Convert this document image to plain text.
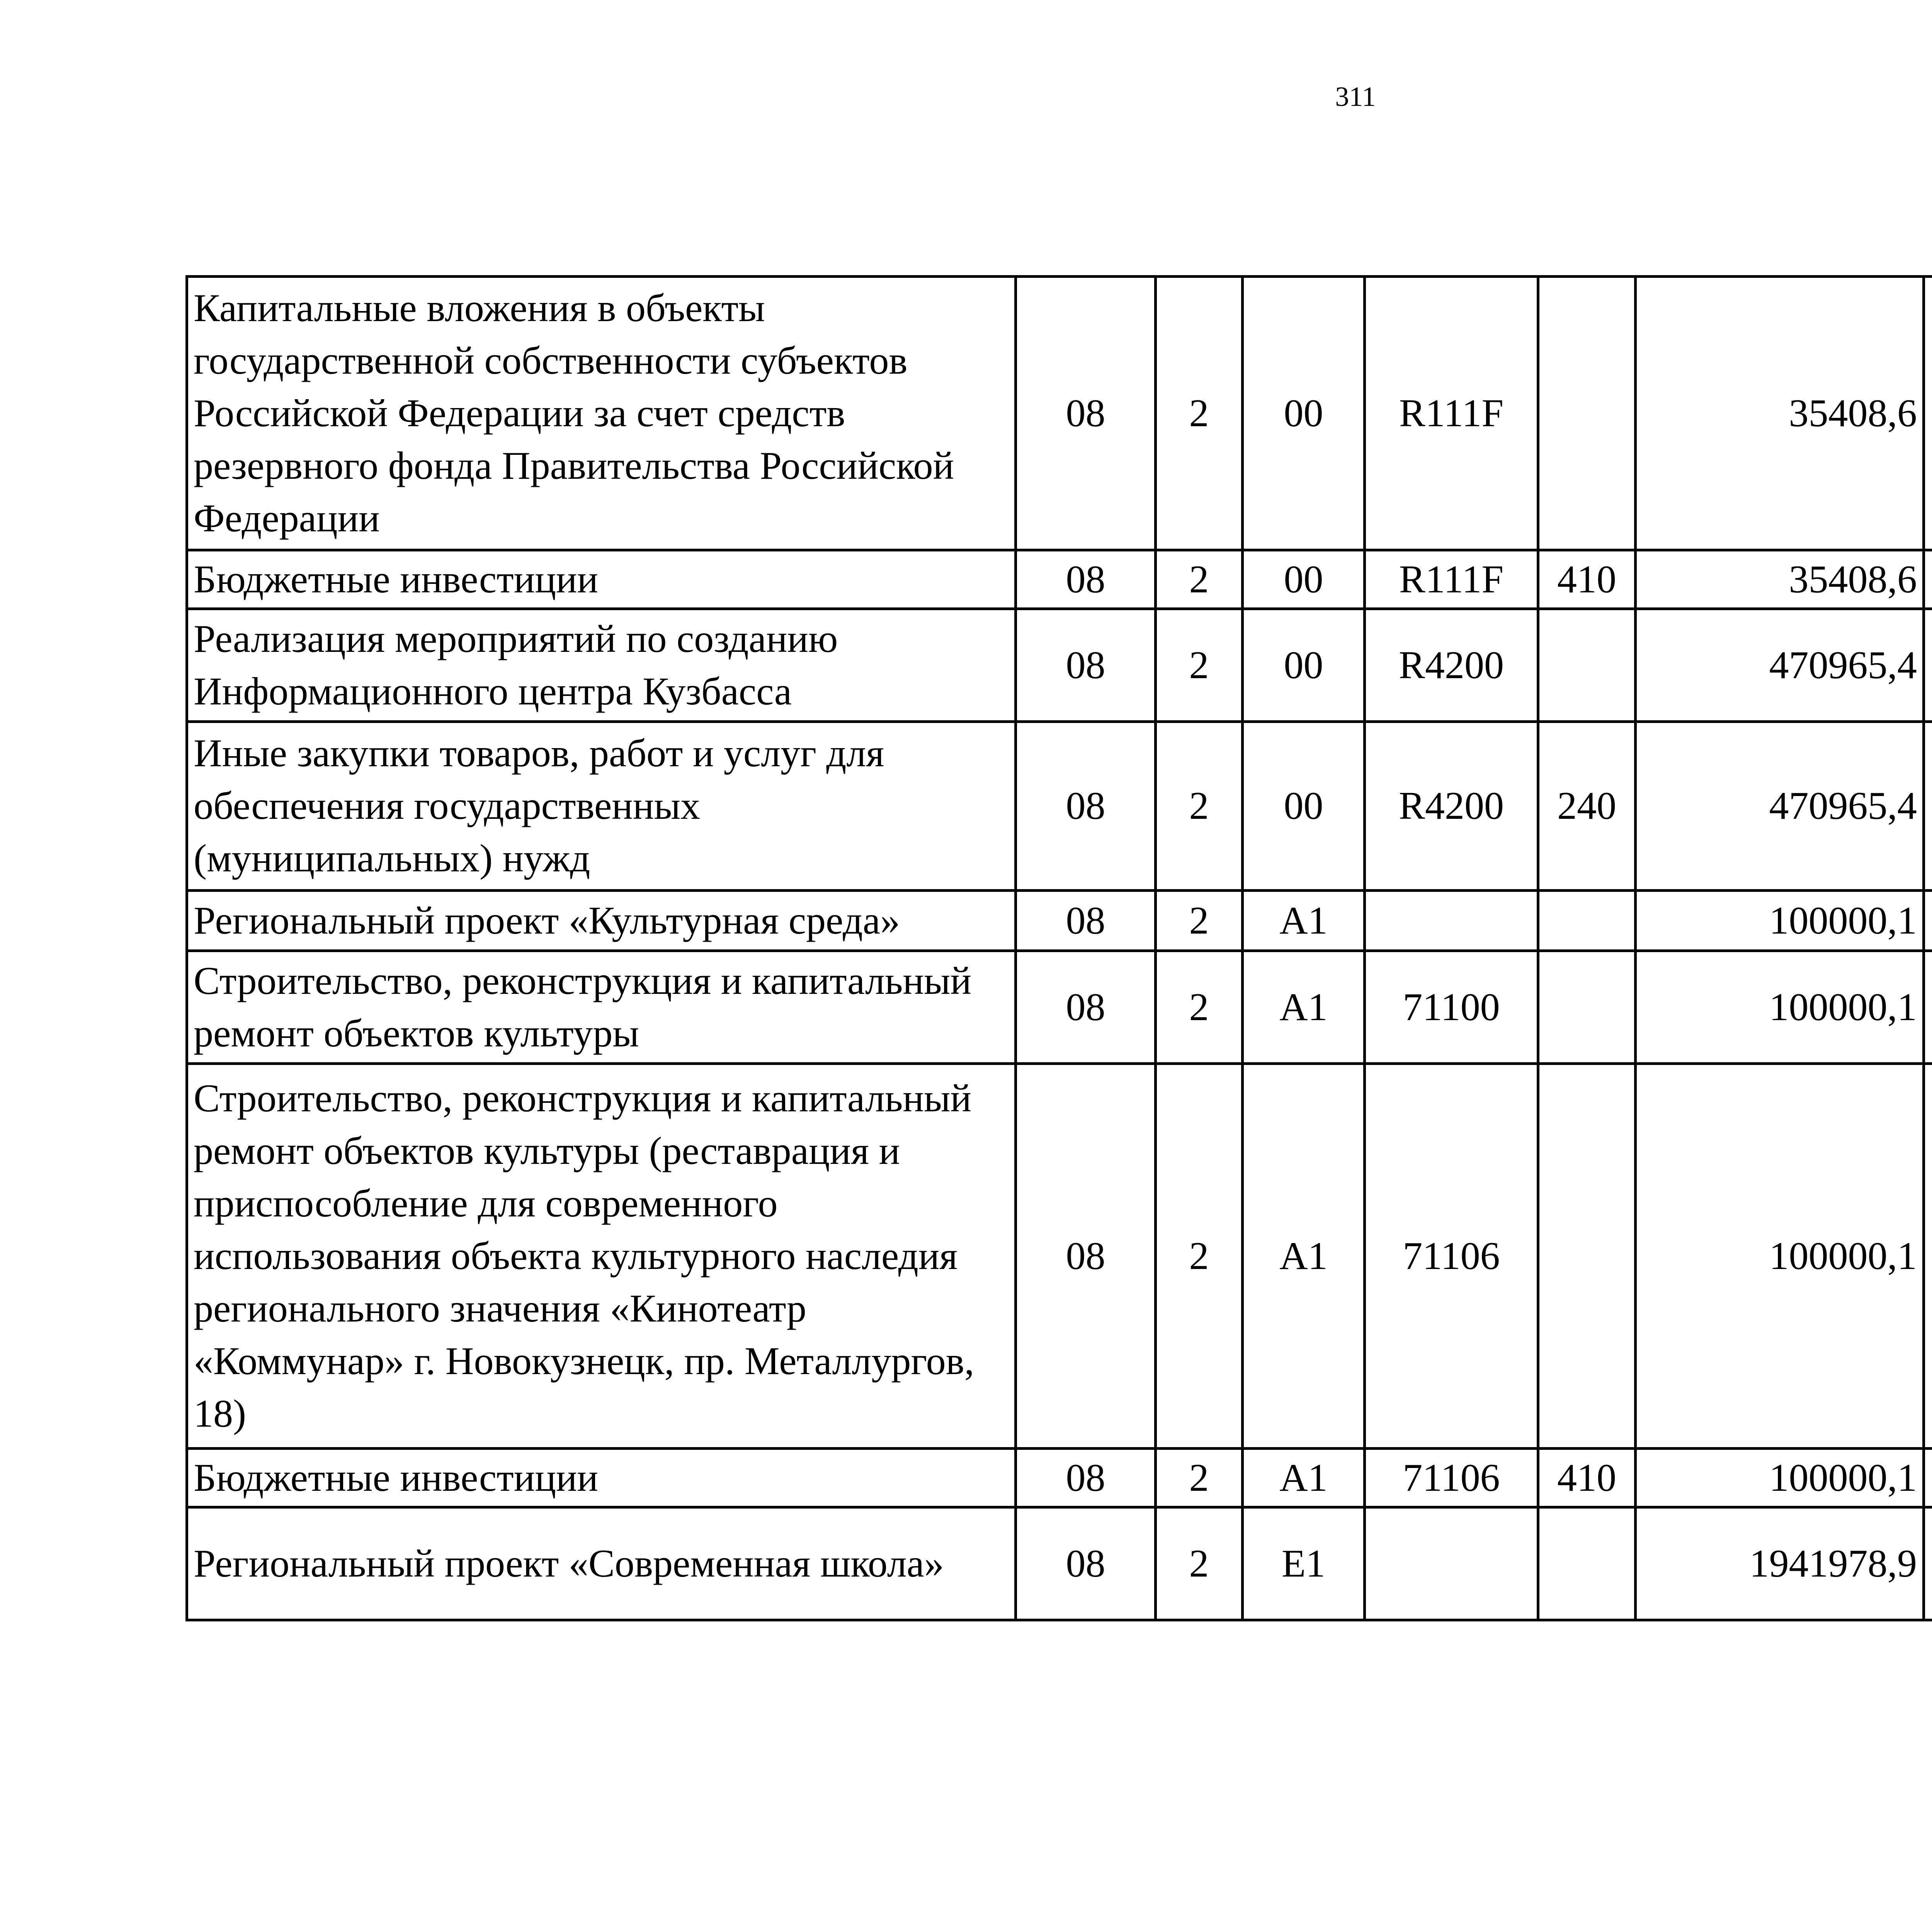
311
Капитальные вложения в объекты государственной собственности субъектов Российской Федерации за счет средств резервного фонда Правительства Российской Федерации	08	2	00	R111F		35408,6		
Бюджетные инвестиции	08	2	00	R111F	410	35408,6		
Реализация мероприятий по созданию Информационного центра Кузбасса	08	2	00	R4200		470965,4		
Иные закупки товаров, работ и услуг для обеспечения государственных (муниципальных) нужд	08	2	00	R4200	240	470965,4		
Региональный проект «Культурная среда»	08	2	A1			100000,1		
Строительство, реконструкция и капитальный ремонт объектов культуры	08	2	A1	71100		100000,1		
Строительство, реконструкция и капитальный ремонт объектов культуры (реставрация и приспособление для современного использования объекта культурного наследия регионального значения «Кинотеатр «Коммунар» г. Новокузнецк, пр. Металлургов, 18)	08	2	A1	71106		100000,1		
Бюджетные инвестиции	08	2	A1	71106	410	100000,1		
Региональный проект «Современная школа»	08	2	E1			1941978,9		
